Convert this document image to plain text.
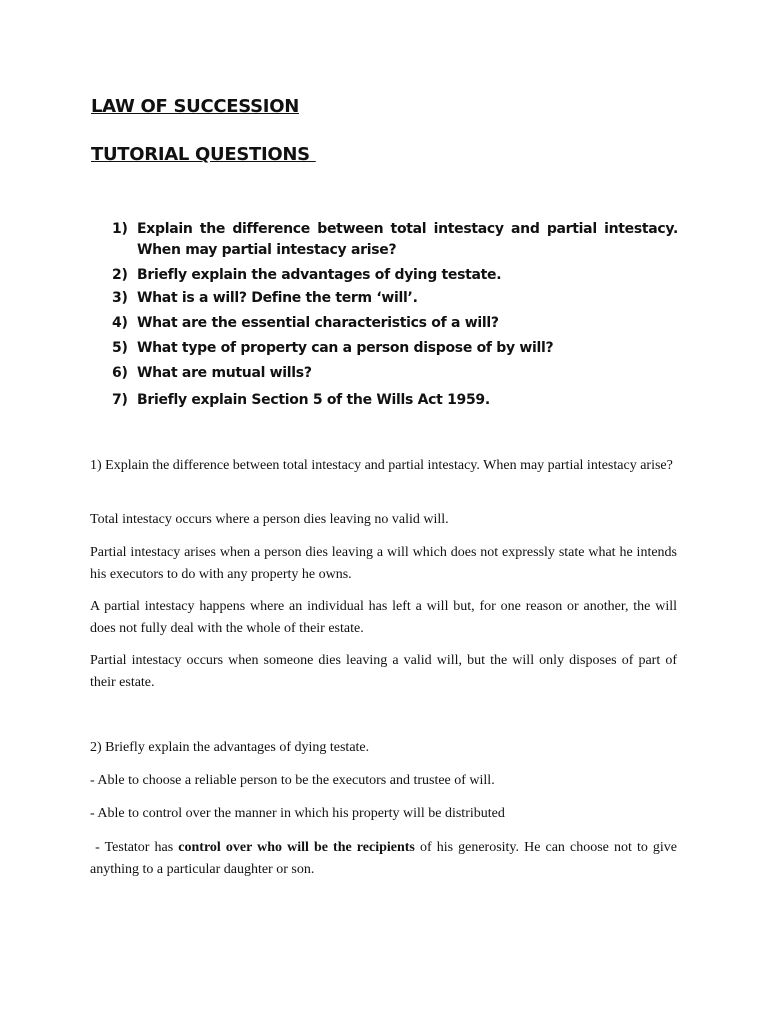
LAW OF SUCCESSION
TUTORIAL QUESTIONS
1) Explain the difference between total intestacy and partial intestacy. When may partial intestacy arise?
2) Briefly explain the advantages of dying testate.
3) What is a will? Define the term ‘will’.
4) What are the essential characteristics of a will?
5) What type of property can a person dispose of by will?
6) What are mutual wills?
7) Briefly explain Section 5 of the Wills Act 1959.

1) Explain the difference between total intestacy and partial intestacy. When may partial intestacy arise?

Total intestacy occurs where a person dies leaving no valid will.

Partial intestacy arises when a person dies leaving a will which does not expressly state what he intends his executors to do with any property he owns.

A partial intestacy happens where an individual has left a will but, for one reason or another, the will does not fully deal with the whole of their estate.

Partial intestacy occurs when someone dies leaving a valid will, but the will only disposes of part of their estate.

2) Briefly explain the advantages of dying testate.

- Able to choose a reliable person to be the executors and trustee of will.

- Able to control over the manner in which his property will be distributed

- Testator has control over who will be the recipients of his generosity. He can choose not to give anything to a particular daughter or son.
